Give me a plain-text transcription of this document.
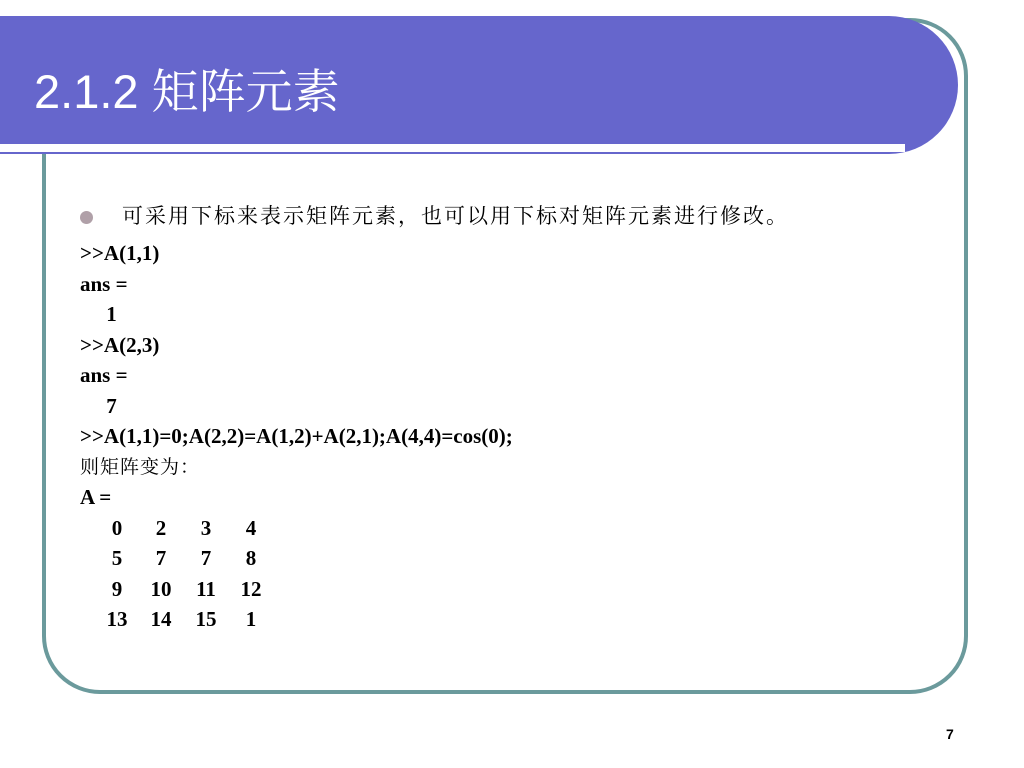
2.1.2 矩阵元素
可采用下标来表示矩阵元素，也可以用下标对矩阵元素进行修改。
>>A(1,1)
ans =
1
>>A(2,3)
ans =
7
>>A(1,1)=0;A(2,2)=A(1,2)+A(2,1);A(4,4)=cos(0);
则矩阵变为：
A =
0	2	3	4
5	7	7	8
9	10	11	12
13	14	15	1
7
